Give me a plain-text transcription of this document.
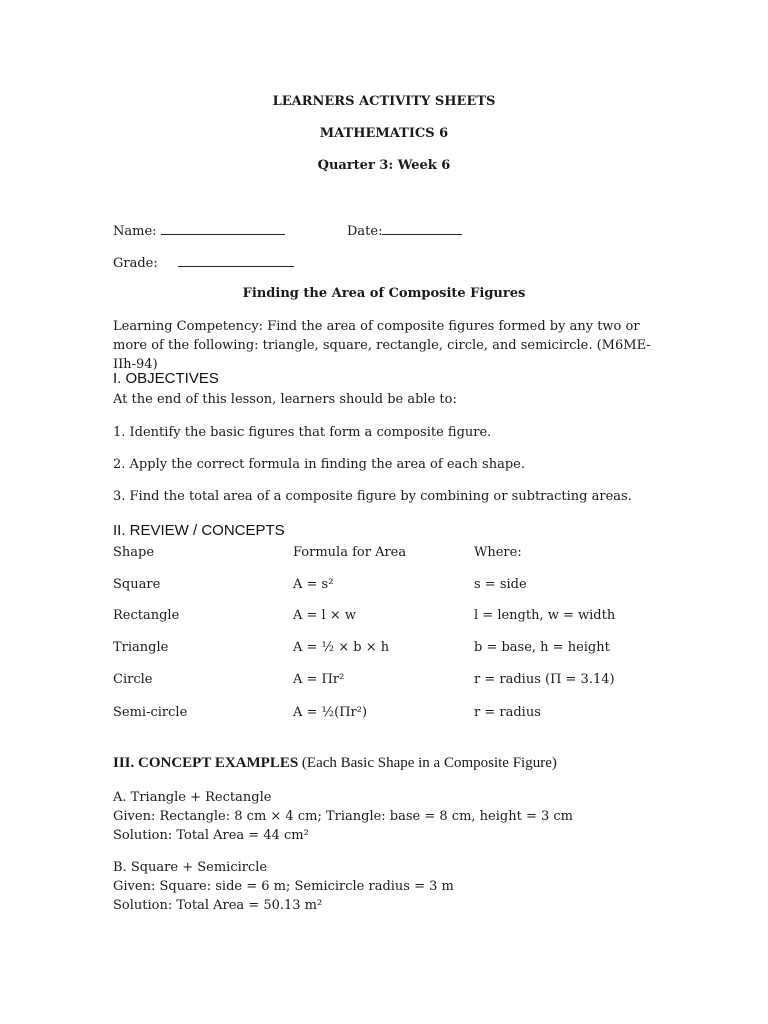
LEARNERS ACTIVITY SHEETS
MATHEMATICS 6
Quarter 3: Week 6
Name:	Date:
Grade:
Finding the Area of Composite Figures
Learning Competency: Find the area of composite figures formed by any two or more of the following: triangle, square, rectangle, circle, and semicircle. (M6ME-IIh-94)
I. OBJECTIVES
At the end of this lesson, learners should be able to:
1. Identify the basic figures that form a composite figure.
2. Apply the correct formula in finding the area of each shape.
3. Find the total area of a composite figure by combining or subtracting areas.
II. REVIEW / CONCEPTS
Shape	Formula for Area	Where:
Square	A = s²	s = side
Rectangle	A = l × w	l = length, w = width
Triangle	A = ½ × b × h	b = base, h = height
Circle	A = Πr²	r = radius (Π = 3.14)
Semi-circle	A = ½(Πr²)	r = radius
III. CONCEPT EXAMPLES (Each Basic Shape in a Composite Figure)
A. Triangle + Rectangle
Given: Rectangle: 8 cm × 4 cm; Triangle: base = 8 cm, height = 3 cm
Solution: Total Area = 44 cm²
B. Square + Semicircle
Given: Square: side = 6 m; Semicircle radius = 3 m
Solution: Total Area = 50.13 m²
